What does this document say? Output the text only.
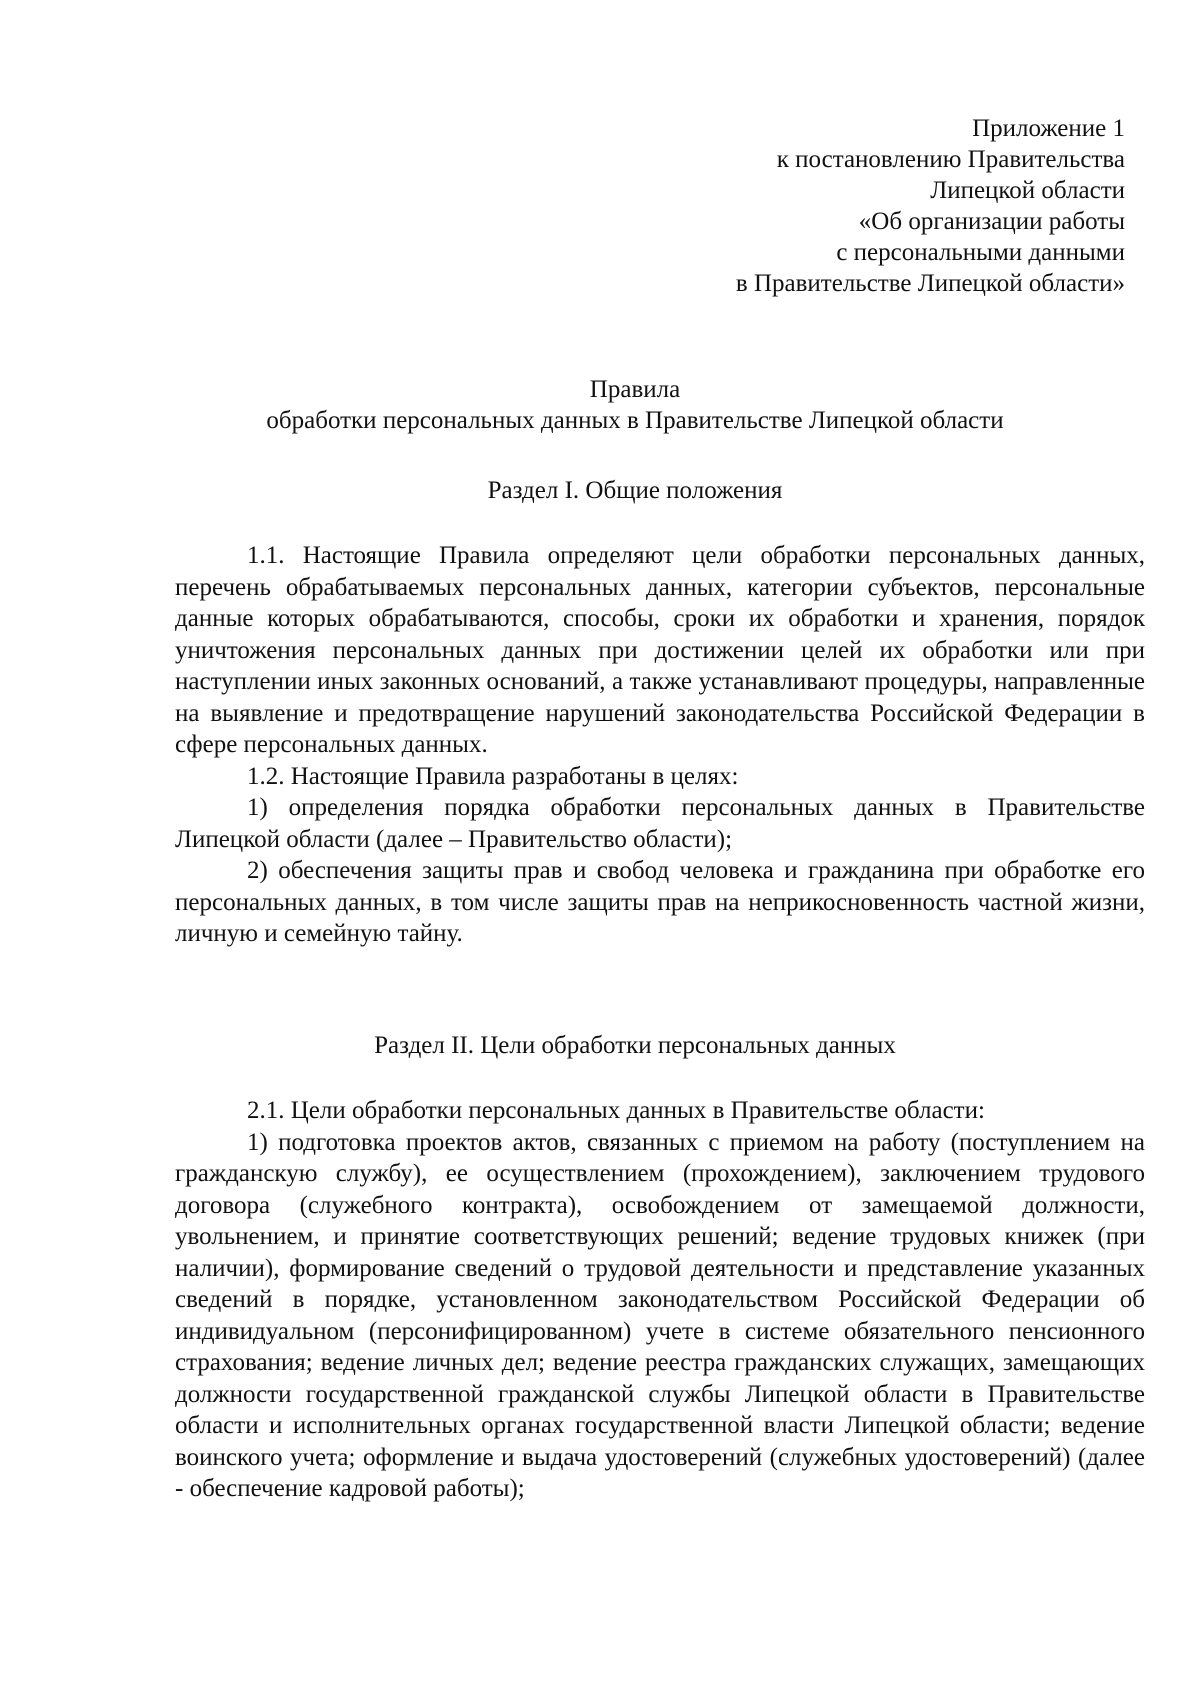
Приложение 1
к постановлению Правительства
Липецкой области
«Об организации работы
с персональными данными
в Правительстве Липецкой области»
Правила
обработки персональных данных в Правительстве Липецкой области
Раздел I. Общие положения

1.1. Настоящие Правила определяют цели обработки персональных данных, перечень обрабатываемых персональных данных, категории субъектов, персональные данные которых обрабатываются, способы, сроки их обработки и хранения, порядок уничтожения персональных данных при достижении целей их обработки или при наступлении иных законных оснований, а также устанавливают процедуры, направленные на выявление и предотвращение нарушений законодательства Российской Федерации в сфере персональных данных.

1.2. Настоящие Правила разработаны в целях:

1) определения порядка обработки персональных данных в Правительстве Липецкой области (далее – Правительство области);

2) обеспечения защиты прав и свобод человека и гражданина при обработке его персональных данных, в том числе защиты прав на неприкосновенность частной жизни, личную и семейную тайну.

Раздел II. Цели обработки персональных данных

2.1. Цели обработки персональных данных в Правительстве области:

1) подготовка проектов актов, связанных с приемом на работу (поступлением на гражданскую службу), ее осуществлением (прохождением), заключением трудового договора (служебного контракта), освобождением от замещаемой должности, увольнением, и принятие соответствующих решений; ведение трудовых книжек (при наличии), формирование сведений о трудовой деятельности и представление указанных сведений в порядке, установленном законодательством Российской Федерации об индивидуальном (персонифицированном) учете в системе обязательного пенсионного страхования; ведение личных дел; ведение реестра гражданских служащих, замещающих должности государственной гражданской службы Липецкой области в Правительстве области и исполнительных органах государственной власти Липецкой области; ведение воинского учета; оформление и выдача удостоверений (служебных удостоверений) (далее - обеспечение кадровой работы);
